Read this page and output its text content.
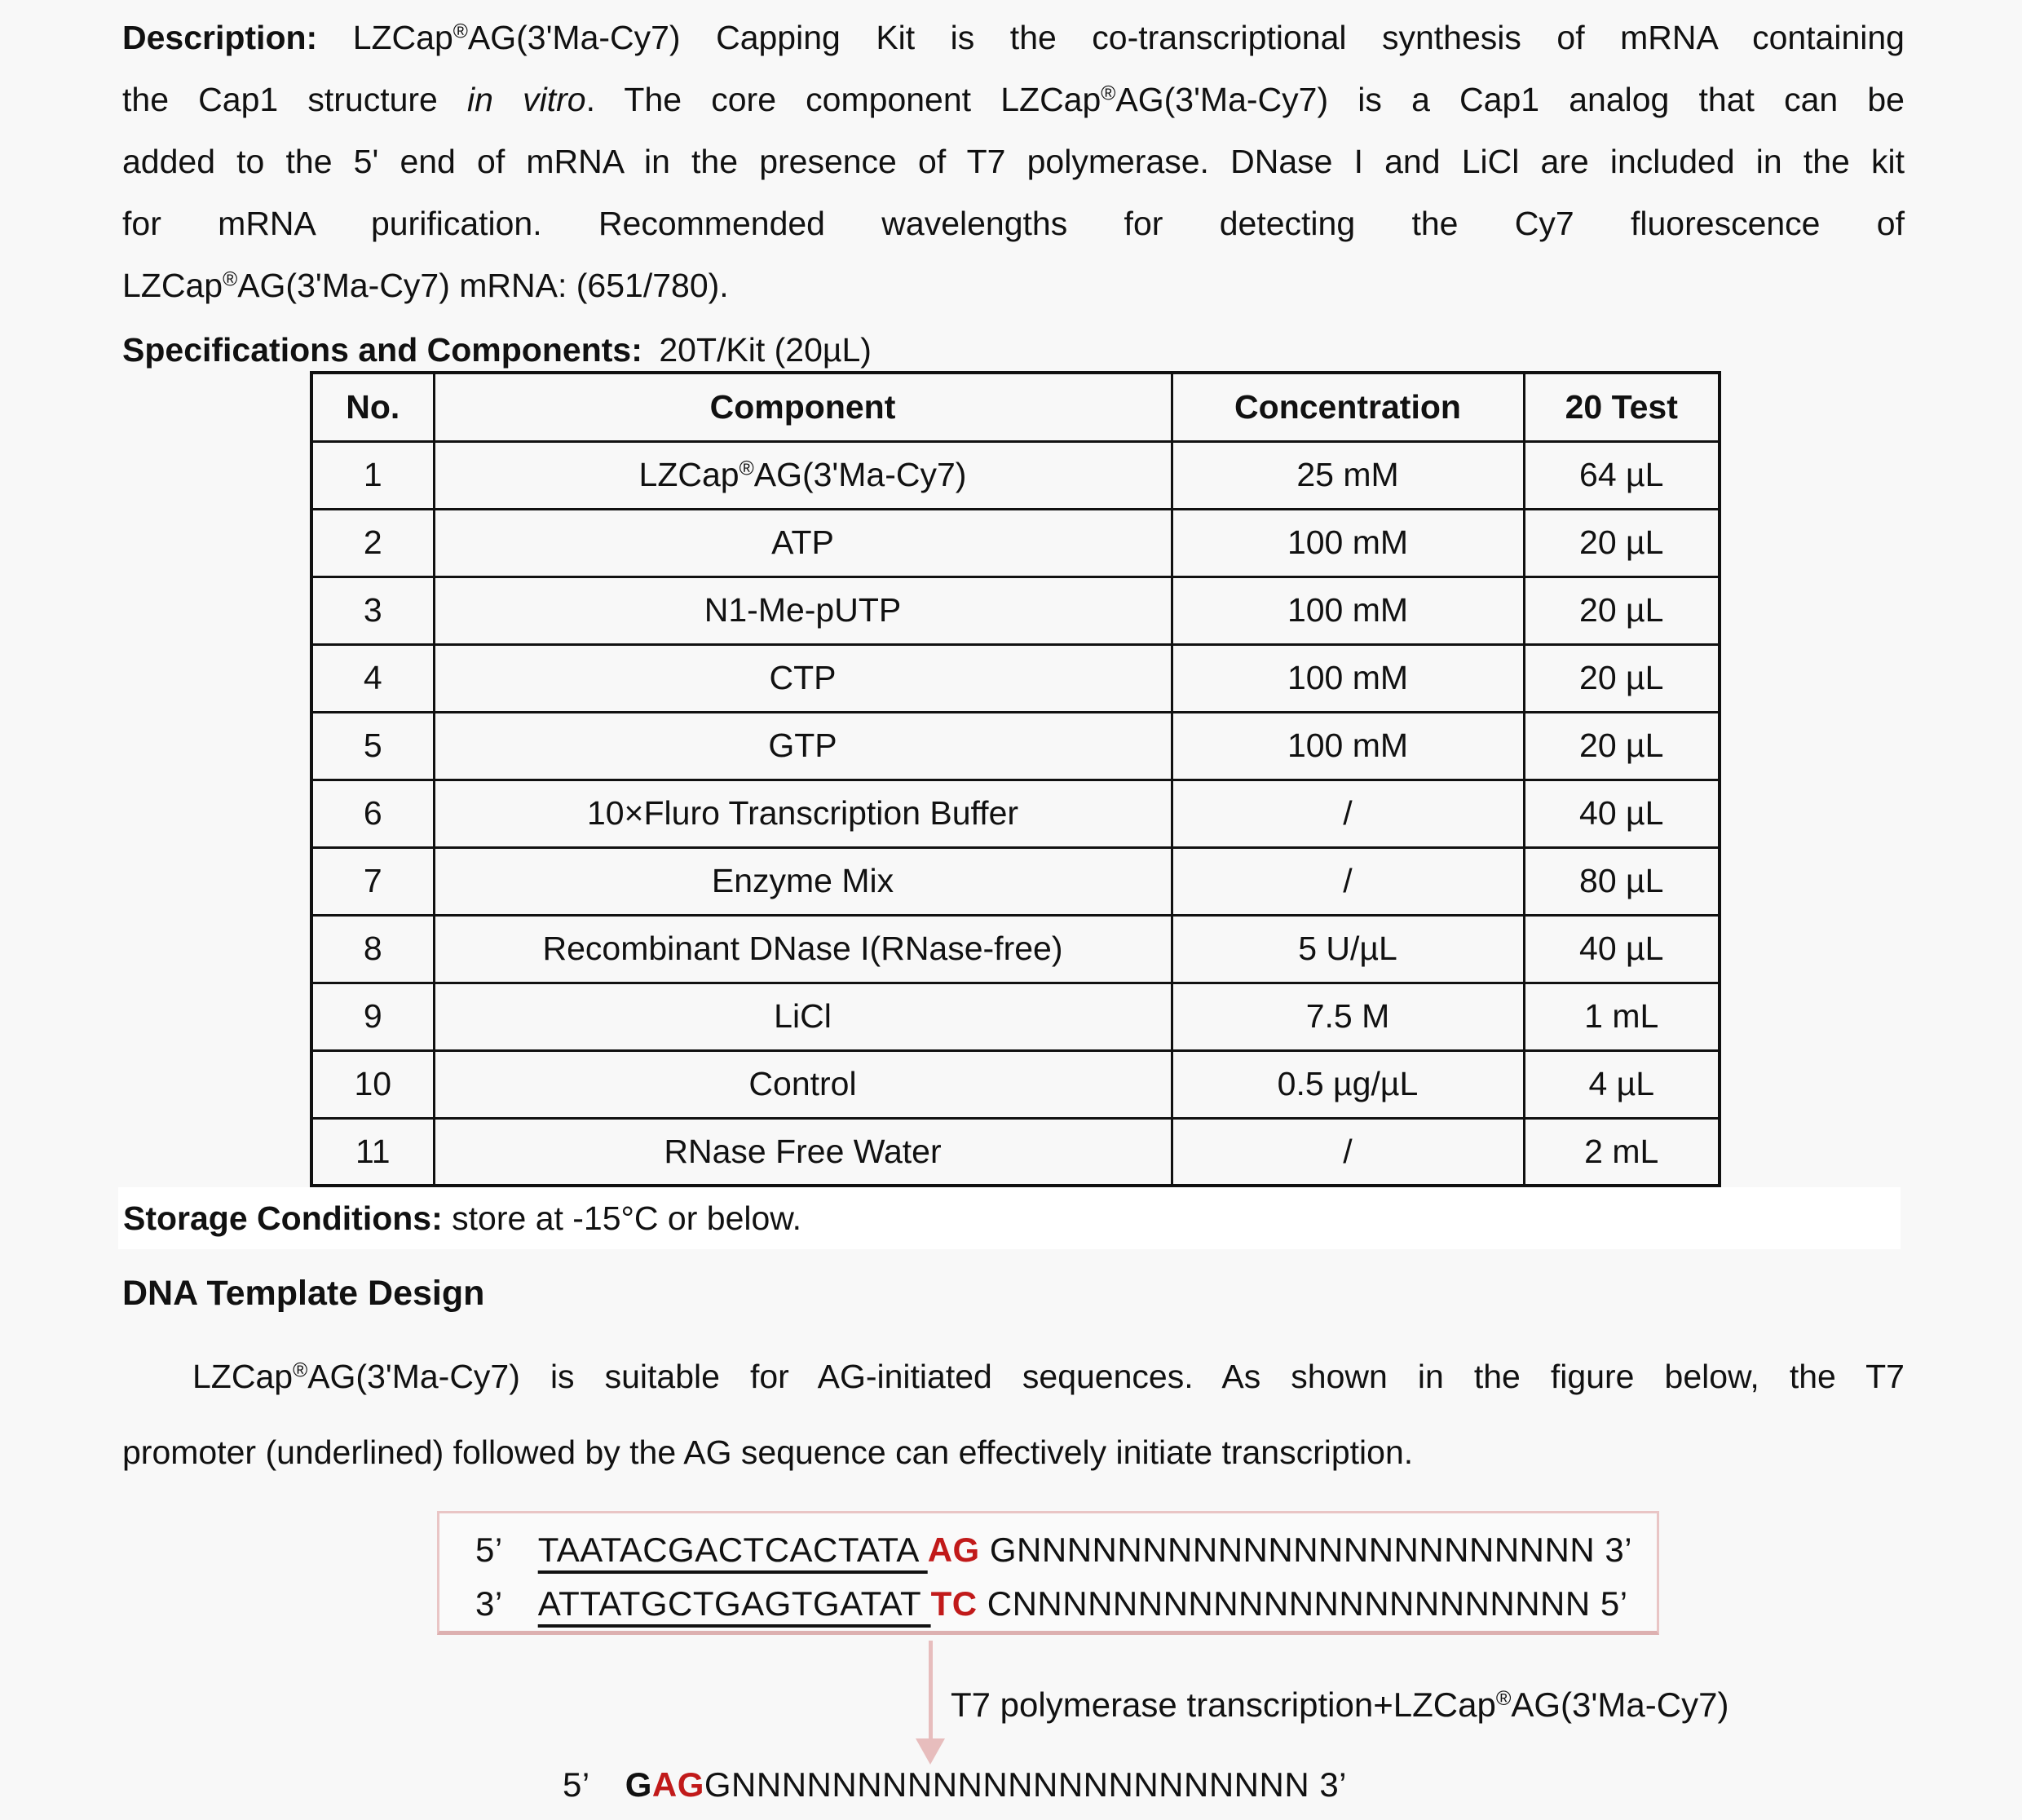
Description: LZCap®AG(3'Ma-Cy7) Capping Kit is the co-transcriptional synthesis of mRNA containing
the Cap1 structure in vitro. The core component LZCap®AG(3'Ma-Cy7) is a Cap1 analog that can be
added to the 5' end of mRNA in the presence of T7 polymerase. DNase I and LiCl are included in the kit
for mRNA purification. Recommended wavelengths for detecting the Cy7 fluorescence of
LZCap®AG(3'Ma-Cy7) mRNA: (651/780).
Specifications and Components:  20T/Kit (20µL)
No.	Component	Concentration	20 Test
1	LZCap®AG(3'Ma-Cy7)	25 mM	64 µL
2	ATP	100 mM	20 µL
3	N1-Me-pUTP	100 mM	20 µL
4	CTP	100 mM	20 µL
5	GTP	100 mM	20 µL
6	10×Fluro Transcription Buffer	/	40 µL
7	Enzyme Mix	/	80 µL
8	Recombinant DNase I(RNase-free)	5 U/µL	40 µL
9	LiCl	7.5 M	1 mL
10	Control	0.5 µg/µL	4 µL
11	RNase Free Water	/	2 mL
Storage Conditions: store at -15°C or below.
DNA Template Design
LZCap®AG(3'Ma-Cy7) is suitable for AG-initiated sequences. As shown in the figure below, the T7
promoter (underlined) followed by the AG sequence can effectively initiate transcription.
5’  TAATACGACTCACTATA AG GNNNNNNNNNNNNNNNNNNNNNNN 3’
3’  ATTATGCTGAGTGATAT TC CNNNNNNNNNNNNNNNNNNNNNNN 5’
T7 polymerase transcription+LZCap®AG(3'Ma-Cy7)
5’  GAGGNNNNNNNNNNNNNNNNNNNNNNN 3’
